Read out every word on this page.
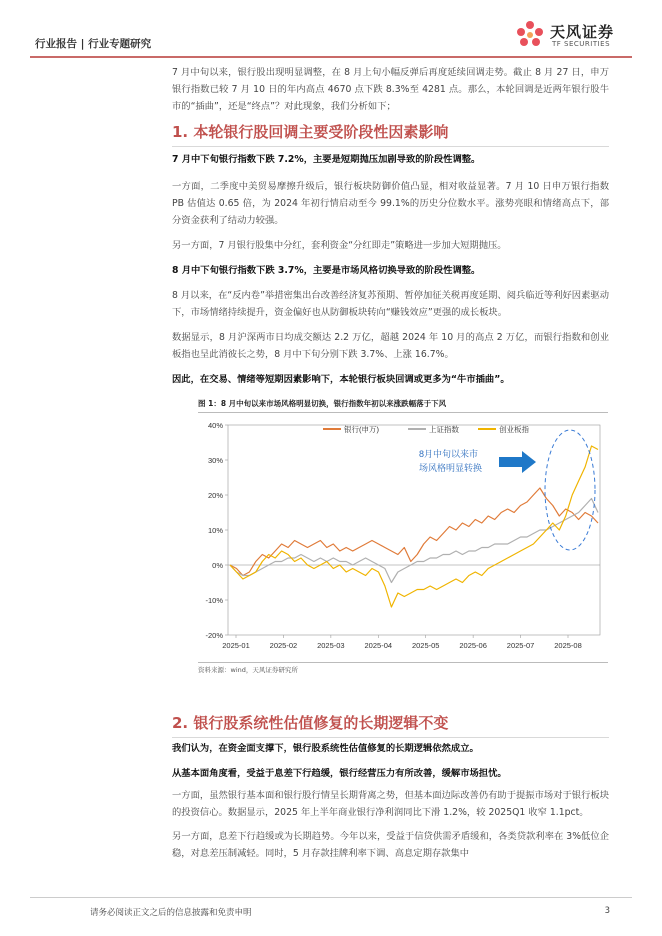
行业报告 | 行业专题研究
天风证券
TF SECURITIES

7 月中旬以来，银行股出现明显调整，在 8 月上旬小幅反弹后再度延续回调走势。截止 8 月 27 日，申万银行指数已较 7 月 10 日的年内高点 4670 点下跌 8.3%至 4281 点。那么，本轮回调是近两年银行股牛市的“插曲”，还是“终点”？对此现象，我们分析如下；

1. 本轮银行股回调主要受阶段性因素影响

7 月中下旬银行指数下跌 7.2%，主要是短期抛压加剧导致的阶段性调整。

一方面，二季度中美贸易摩擦升级后，银行板块防御价值凸显，相对收益显著。7 月 10 日申万银行指数 PB 估值达 0.65 倍，为 2024 年初行情启动至今 99.1%的历史分位数水平。涨势亮眼和情绪高点下，部分资金获利了结动力较强。

另一方面，7 月银行股集中分红，套利资金“分红即走”策略进一步加大短期抛压。

8 月中下旬银行指数下跌 3.7%，主要是市场风格切换导致的阶段性调整。

8 月以来，在“反内卷”举措密集出台改善经济复苏预期、暂停加征关税再度延期、阅兵临近等利好因素驱动下，市场情绪持续提升，资金偏好也从防御板块转向“赚钱效应”更强的成长板块。

数据显示，8 月沪深两市日均成交额达 2.2 万亿，超越 2024 年 10 月的高点 2 万亿，而银行指数和创业板指也呈此消彼长之势，8 月中下旬分别下跌 3.7%、上涨 16.7%。

因此，在交易、情绪等短期因素影响下，本轮银行板块回调或更多为“牛市插曲”。

图 1：8 月中旬以来市场风格明显切换，银行指数年初以来涨跌幅落于下风
40%
30%
20%
10%
0%
-10%
-20%
2025-01	2025-02	2025-03	2025-04	2025-05	2025-06	2025-07	2025-08
银行(申万)	上证指数	创业板指
8月中旬以来市
场风格明显转换
资料来源：wind，天风证券研究所
2. 银行股系统性估值修复的长期逻辑不变

我们认为，在资金面支撑下，银行股系统性估值修复的长期逻辑依然成立。

从基本面角度看，受益于息差下行趋缓，银行经营压力有所改善，缓解市场担忧。

一方面，虽然银行基本面和银行股行情呈长期背离之势，但基本面边际改善仍有助于提振市场对于银行板块的投资信心。数据显示，2025 年上半年商业银行净利润同比下滑 1.2%，较 2025Q1 收窄 1.1pct。

另一方面，息差下行趋缓或为长期趋势。今年以来，受益于信贷供需矛盾缓和，各类贷款利率在 3%低位企稳，对息差压制减轻。同时，5 月存款挂牌利率下调、高息定期存款集中

请务必阅读正文之后的信息披露和免责申明	3
